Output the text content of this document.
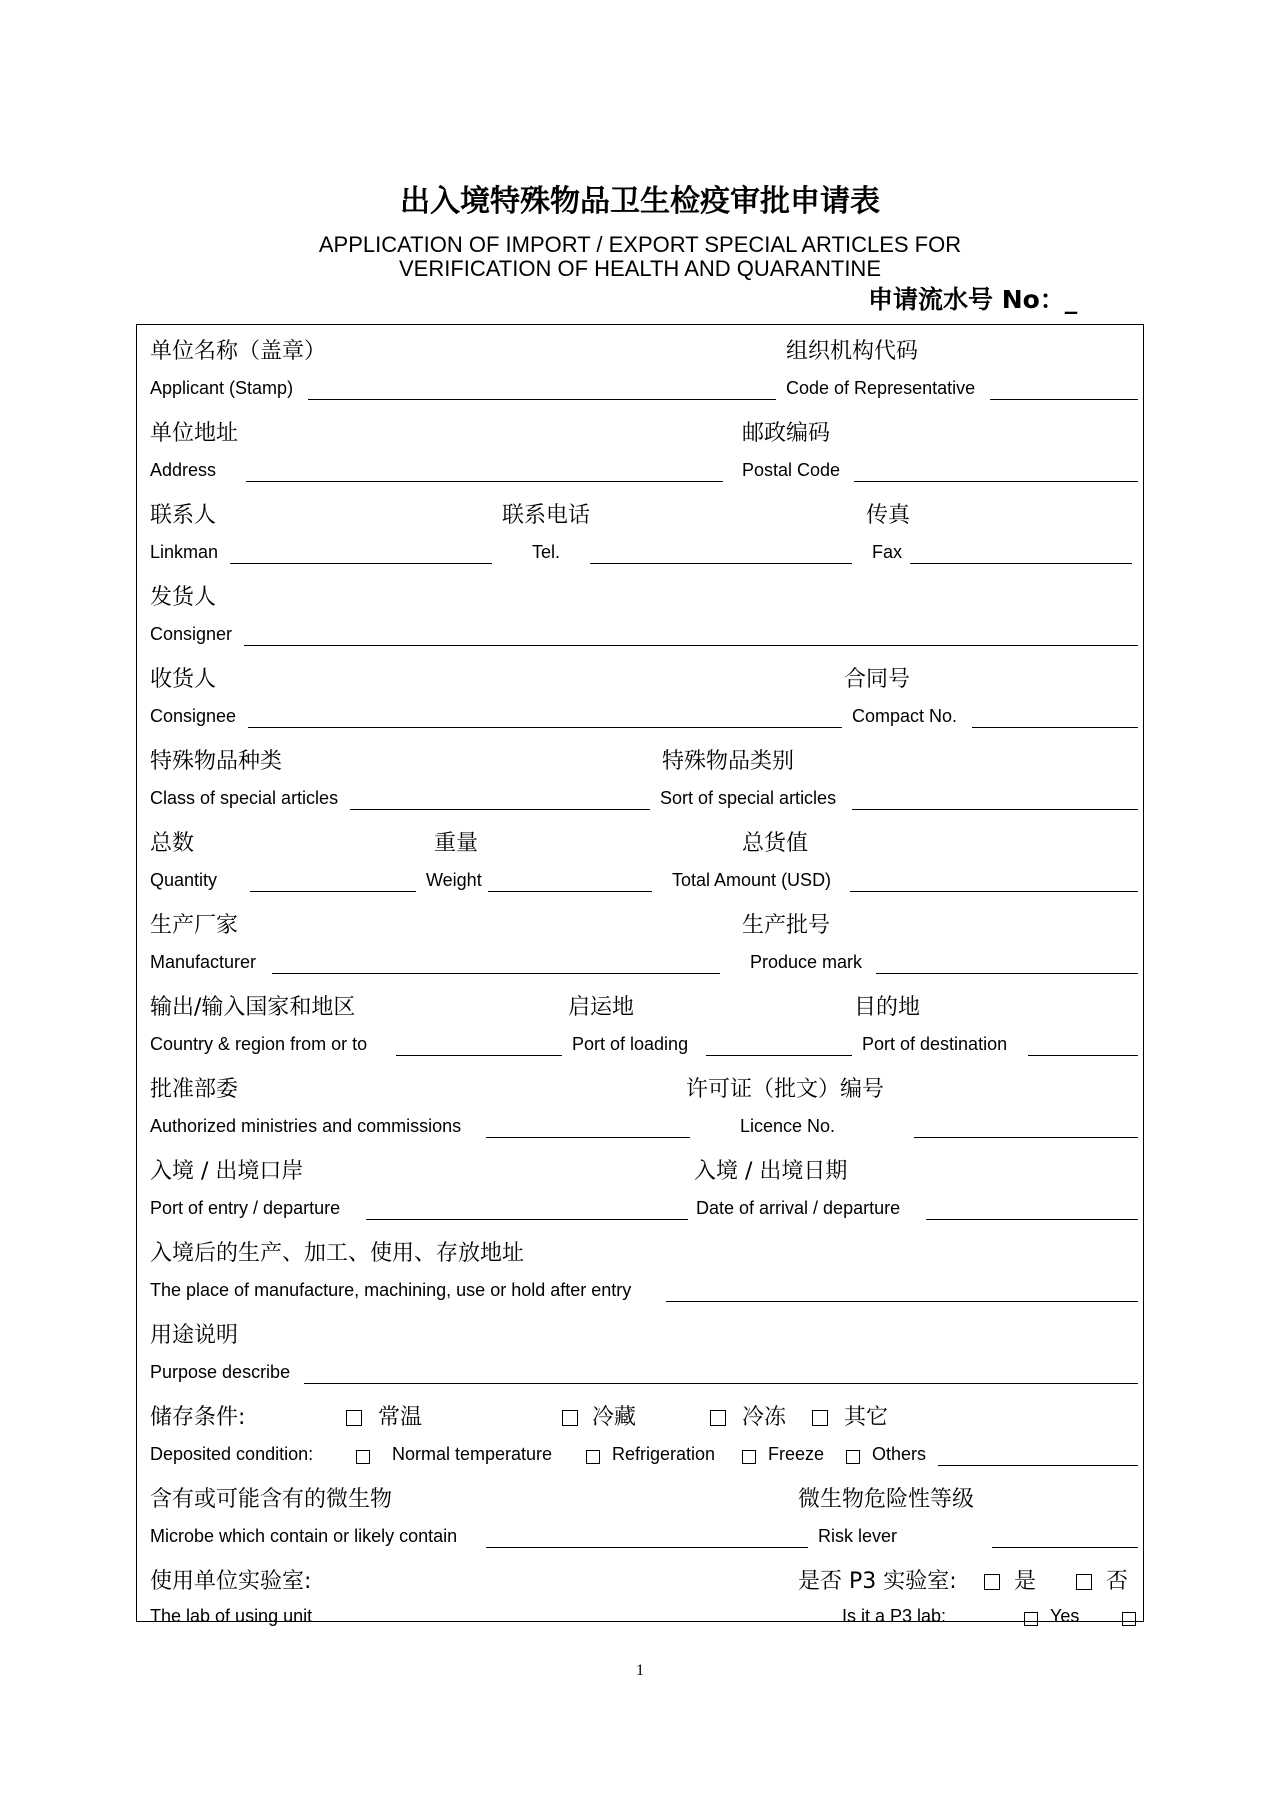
出入境特殊物品卫生检疫审批申请表
APPLICATION OF IMPORT / EXPORT SPECIAL ARTICLES FOR
VERIFICATION OF HEALTH AND QUARANTINE
申请流水号 No：_
单位名称（盖章）	组织机构代码
Applicant (Stamp)	Code of Representative
单位地址	邮政编码
Address	Postal Code
联系人	联系电话	传真
Linkman	Tel.	Fax
发货人
Consigner
收货人	合同号
Consignee	Compact No.
特殊物品种类	特殊物品类别
Class of special articles	Sort of special articles
总数	重量	总货值
Quantity	Weight	Total Amount (USD)
生产厂家	生产批号
Manufacturer	Produce mark
输出/输入国家和地区	启运地	目的地
Country & region from or to	Port of loading	Port of destination
批准部委	许可证（批文）编号
Authorized ministries and commissions	Licence No.
入境 / 出境口岸	入境 / 出境日期
Port of entry / departure	Date of arrival / departure
入境后的生产、加工、使用、存放地址
The place of manufacture, machining, use or hold after entry
用途说明
Purpose describe
储存条件:	常温	冷藏	冷冻	其它
Deposited condition:	Normal temperature	Refrigeration	Freeze	Others
含有或可能含有的微生物	微生物危险性等级
Microbe which contain or likely contain	Risk lever
使用单位实验室:	是否 P3 实验室:	是	否
The lab of using unit	Is it a P3 lab:	Yes
1
